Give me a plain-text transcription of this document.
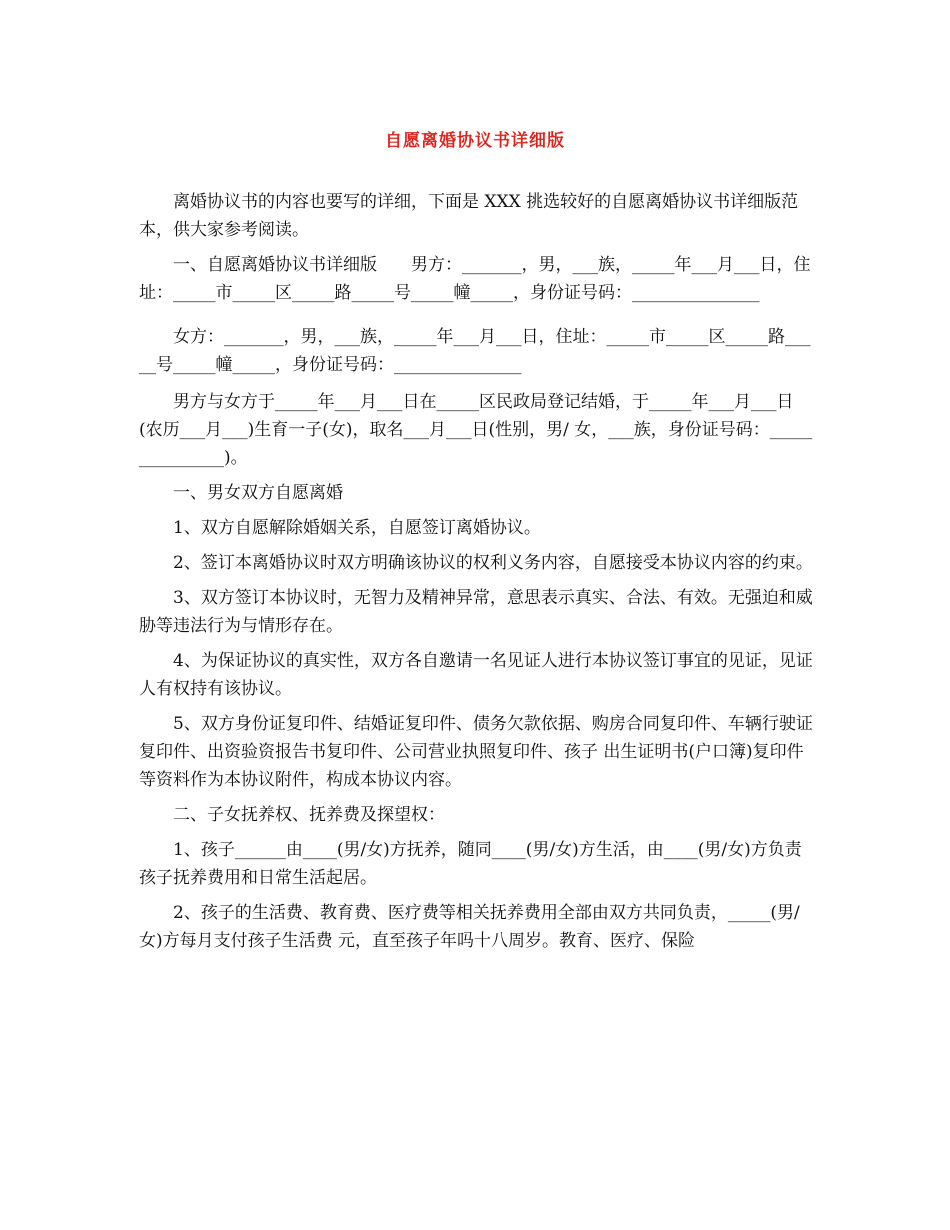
自愿离婚协议书详细版

离婚协议书的内容也要写的详细，下面是 XXX 挑选较好的自愿离婚协议书详细版范本，供大家参考阅读。

一、自愿离婚协议书详细版　　男方：_______，男，___族，_____年___月___日，住址：_____市_____区_____路_____号_____幢_____，身份证号码：_______________

女方：_______，男，___族，_____年___月___日，住址：_____市_____区_____路_____号_____幢_____，身份证号码：_______________

男方与女方于_____年___月___日在_____区民政局登记结婚，于_____年___月___日(农历___月___)生育一子(女)，取名___月___日(性别，男/ 女，___族，身份证号码：_______________)。

一、男女双方自愿离婚

1、双方自愿解除婚姻关系，自愿签订离婚协议。

2、签订本离婚协议时双方明确该协议的权利义务内容，自愿接受本协议内容的约束。

3、双方签订本协议时，无智力及精神异常，意思表示真实、合法、有效。无强迫和威胁等违法行为与情形存在。

4、为保证协议的真实性，双方各自邀请一名见证人进行本协议签订事宜的见证，见证人有权持有该协议。

5、双方身份证复印件、结婚证复印件、债务欠款依据、购房合同复印件、车辆行驶证复印件、出资验资报告书复印件、公司营业执照复印件、孩子 出生证明书(户口簿)复印件等资料作为本协议附件，构成本协议内容。

二、子女抚养权、抚养费及探望权：

1、孩子______由____(男/女)方抚养，随同____(男/女)方生活，由____(男/女)方负责孩子抚养费用和日常生活起居。

2、孩子的生活费、教育费、医疗费等相关抚养费用全部由双方共同负责，_____(男/女)方每月支付孩子生活费 元，直至孩子年吗十八周岁。教育、医疗、保险
